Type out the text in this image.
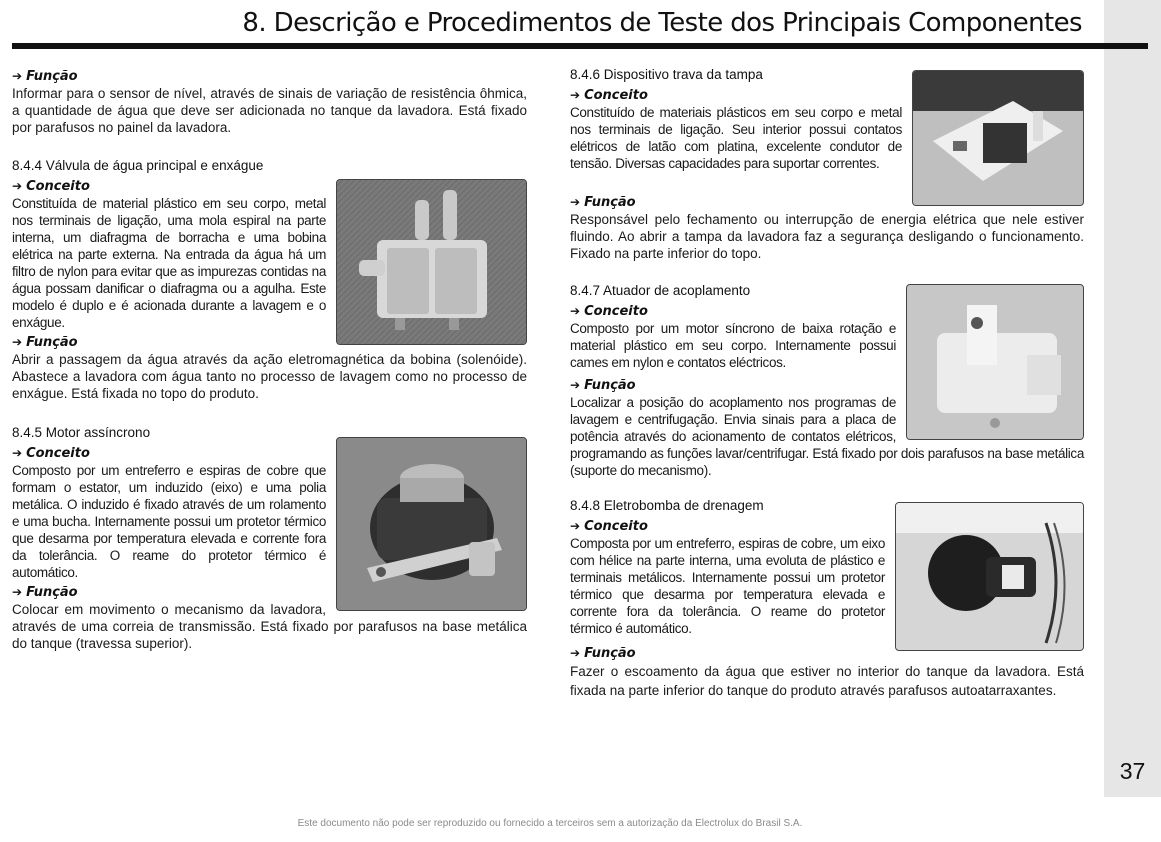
37
8. Descrição e Procedimentos de Teste dos Principais Componentes

➔ Função

Informar para o sensor de nível, através de sinais de variação de resistência ôhmica, a quantidade de água que deve ser adicionada no tanque da lavadora. Está fixado por parafusos no painel da lavadora.

8.4.4 Válvula de água principal e enxágue

➔ Conceito

Constituída de material plástico em seu corpo, metal nos terminais de ligação, uma mola espiral na parte interna, um diafragma de borracha e uma bobina elétrica na parte externa. Na entrada da água há um filtro de nylon para evitar que as impurezas contidas na água possam danificar o diafragma ou a agulha. Este modelo é duplo e é acionada durante a lavagem e o enxágue.

➔ Função

Abrir a passagem da água através da ação eletromagnética da bobina (solenóide). Abastece a lavadora com água tanto no processo de lavagem como no processo de enxágue. Está fixada no topo do produto.

8.4.5 Motor assíncrono

➔ Conceito

Composto por um entreferro e espiras de cobre que formam o estator, um induzido (eixo) e uma polia metálica. O induzido é fixado através de um rolamento e uma bucha. Internamente possui um protetor térmico que desarma por temperatura elevada e corrente fora da tolerância. O reame do protetor térmico é automático.

➔ Função

Colocar em movimento o mecanismo da lavadora, através de uma correia de transmissão. Está fixado por parafusos na base metálica do tanque (travessa superior).

8.4.6 Dispositivo trava da tampa

➔ Conceito

Constituído de materiais plásticos em seu corpo e metal nos terminais de ligação. Seu interior possui contatos elétricos de latão com platina, excelente condutor de tensão. Diversas capacidades para suportar correntes.

➔ Função

Responsável pelo fechamento ou interrupção de energia elétrica que nele estiver fluindo. Ao abrir a tampa da lavadora faz a segurança desligando o funcionamento. Fixado na parte inferior do topo.

8.4.7 Atuador de acoplamento

➔ Conceito

Composto por um motor síncrono de baixa rotação e material plástico em seu corpo. Internamente possui cames em nylon e contatos eléctricos.

➔ Função

Localizar a posição do acoplamento nos programas de lavagem e centrifugação. Envia sinais para a placa de potência através do acionamento de contatos elétricos, programando as funções lavar/centrifugar. Está fixado por dois parafusos na base metálica (suporte do mecanismo).

8.4.8 Eletrobomba de drenagem

➔ Conceito

Composta por um entreferro, espiras de cobre, um eixo com hélice na parte interna, uma evoluta de plástico e terminais metálicos. Internamente possui um protetor térmico que desarma por temperatura elevada e corrente fora da tolerância. O reame do protetor térmico é automático.

➔ Função

Fazer o escoamento da água que estiver no interior do tanque da lavadora. Está fixada na parte inferior do tanque do produto através parafusos autoatarraxantes.

Este documento não pode ser reproduzido ou fornecido a terceiros sem a autorização da Electrolux do Brasil S.A.
